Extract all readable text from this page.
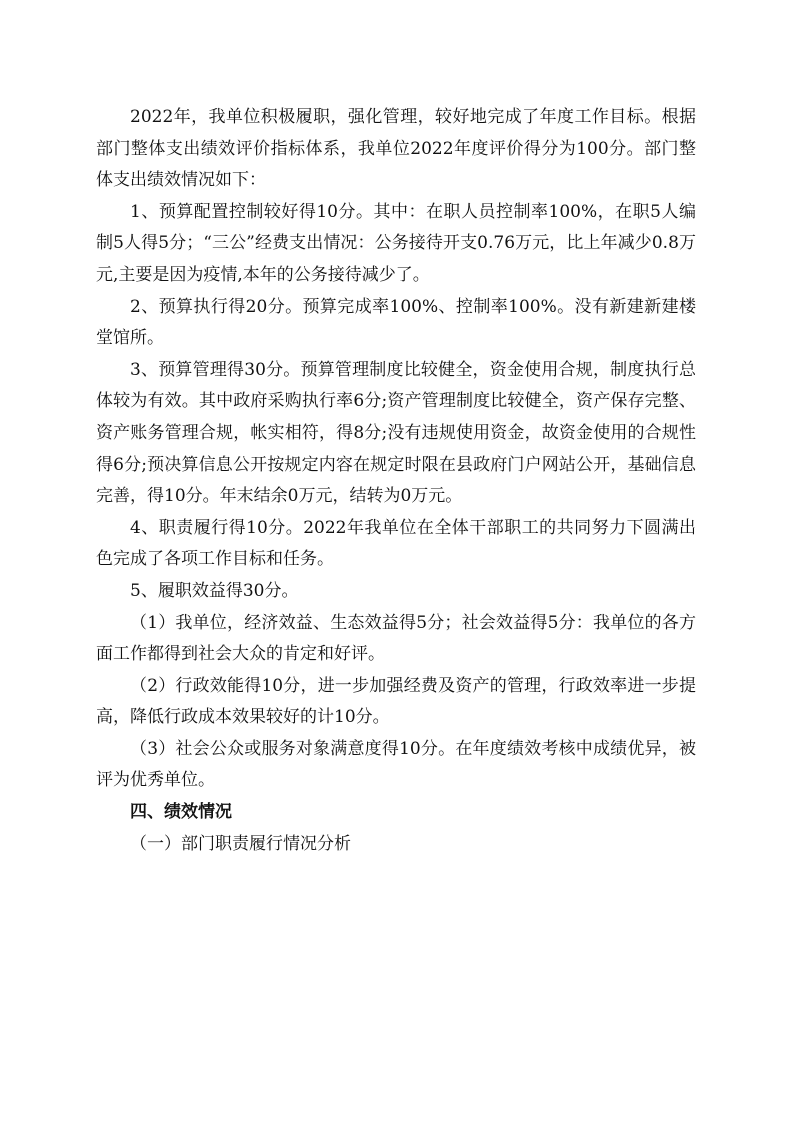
2022年，我单位积极履职，强化管理，较好地完成了年度工作目标。根据部门整体支出绩效评价指标体系，我单位2022年度评价得分为100分。部门整体支出绩效情况如下：

1、预算配置控制较好得10分。其中：在职人员控制率100%，在职5人编制5人得5分；“三公”经费支出情况：公务接待开支0.76万元，比上年减少0.8万元,主要是因为疫情,本年的公务接待减少了。

2、预算执行得20分。预算完成率100%、控制率100%。没有新建新建楼堂馆所。

3、预算管理得30分。预算管理制度比较健全，资金使用合规，制度执行总体较为有效。其中政府采购执行率6分;资产管理制度比较健全，资产保存完整、资产账务管理合规，帐实相符，得8分;没有违规使用资金，故资金使用的合规性得6分;预决算信息公开按规定内容在规定时限在县政府门户网站公开，基础信息完善，得10分。年末结余0万元，结转为0万元。

4、职责履行得10分。2022年我单位在全体干部职工的共同努力下圆满出色完成了各项工作目标和任务。

5、履职效益得30分。

（1）我单位，经济效益、生态效益得5分；社会效益得5分：我单位的各方面工作都得到社会大众的肯定和好评。

（2）行政效能得10分，进一步加强经费及资产的管理，行政效率进一步提高，降低行政成本效果较好的计10分。

（3）社会公众或服务对象满意度得10分。在年度绩效考核中成绩优异，被评为优秀单位。

四、绩效情况

（一）部门职责履行情况分析
